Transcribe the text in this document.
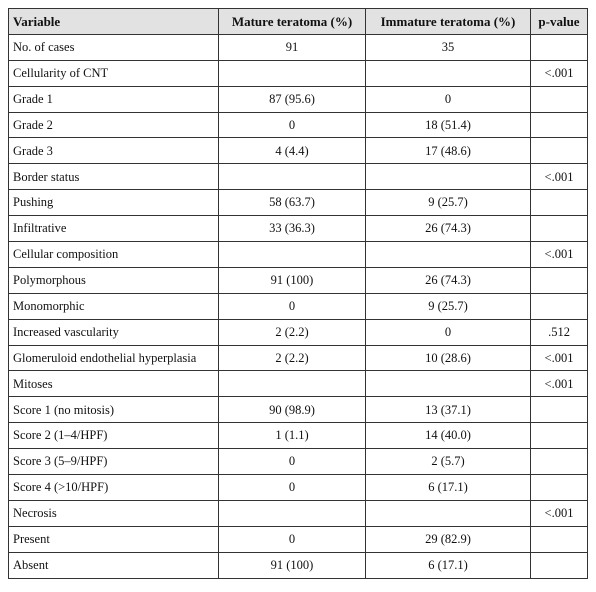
Variable	Mature teratoma (%)	Immature teratoma (%)	p-value
No. of cases	91	35	
Cellularity of CNT			<.001
Grade 1	87 (95.6)	0	
Grade 2	0	18 (51.4)	
Grade 3	4 (4.4)	17 (48.6)	
Border status			<.001
Pushing	58 (63.7)	9 (25.7)	
Infiltrative	33 (36.3)	26 (74.3)	
Cellular composition			<.001
Polymorphous	91 (100)	26 (74.3)	
Monomorphic	0	9 (25.7)	
Increased vascularity	2 (2.2)	0	.512
Glomeruloid endothelial hyperplasia	2 (2.2)	10 (28.6)	<.001
Mitoses			<.001
Score 1 (no mitosis)	90 (98.9)	13 (37.1)	
Score 2 (1–4/HPF)	1 (1.1)	14 (40.0)	
Score 3 (5–9/HPF)	0	2 (5.7)	
Score 4 (>10/HPF)	0	6 (17.1)	
Necrosis			<.001
Present	0	29 (82.9)	
Absent	91 (100)	6 (17.1)	
